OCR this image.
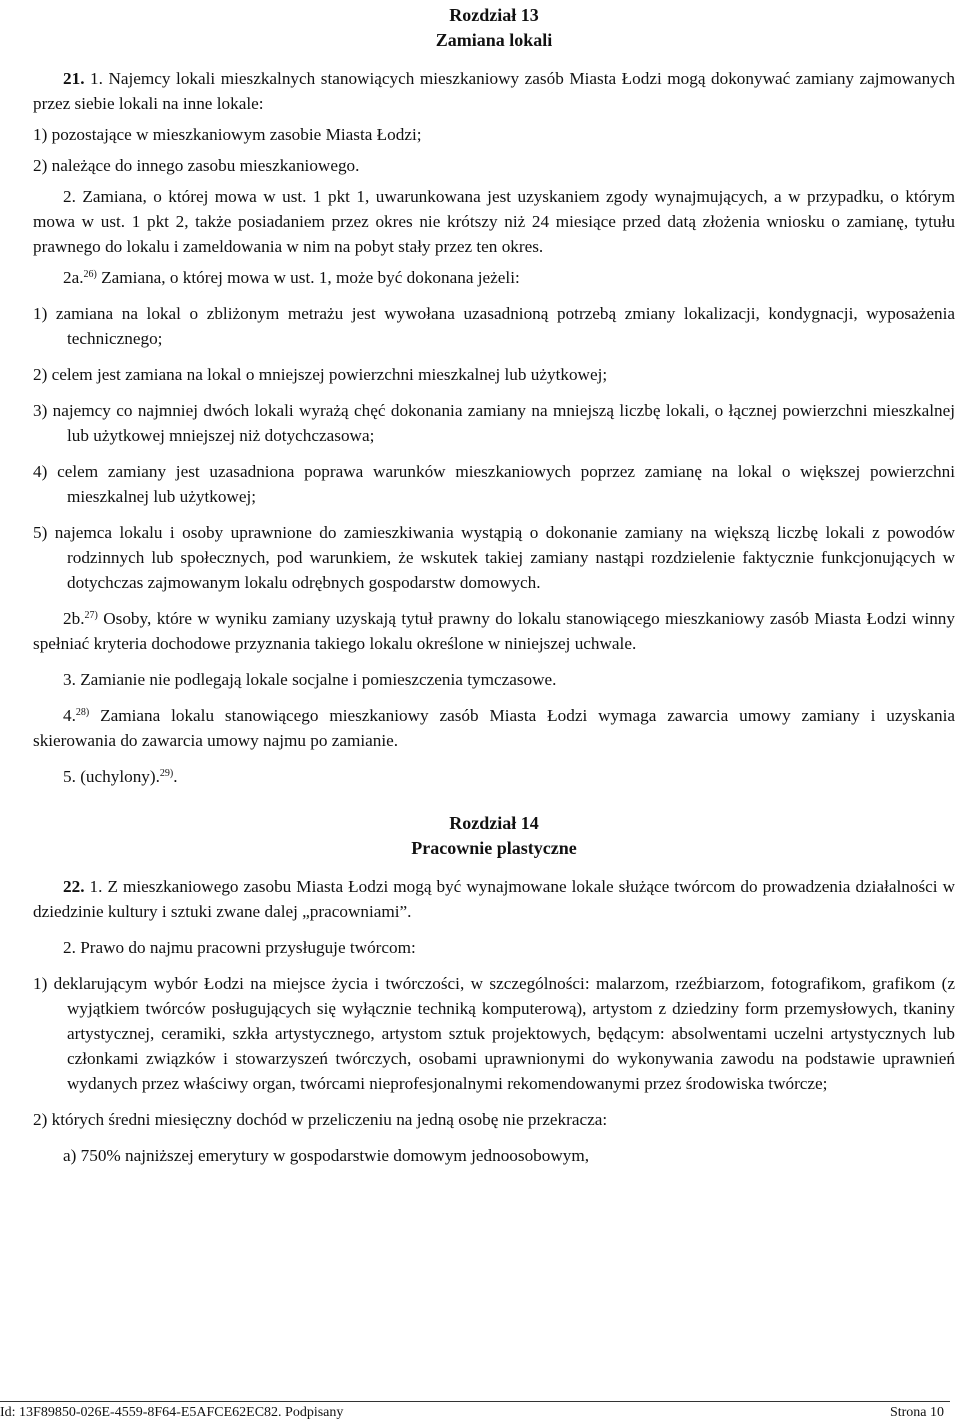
Rozdział 13
Zamiana lokali

21. 1. Najemcy lokali mieszkalnych stanowiących mieszkaniowy zasób Miasta Łodzi mogą dokonywać zamiany zajmowanych przez siebie lokali na inne lokale:

1) pozostające w mieszkaniowym zasobie Miasta Łodzi;

2) należące do innego zasobu mieszkaniowego.

2. Zamiana, o której mowa w ust. 1 pkt 1, uwarunkowana jest uzyskaniem zgody wynajmujących, a w przypadku, o którym mowa w ust. 1 pkt 2, także posiadaniem przez okres nie krótszy niż 24 miesiące przed datą złożenia wniosku o zamianę, tytułu prawnego do lokalu i zameldowania w nim na pobyt stały przez ten okres.

2a.$^{26)}$ Zamiana, o której mowa w ust. 1, może być dokonana jeżeli:

1) zamiana na lokal o zbliżonym metrażu jest wywołana uzasadnioną potrzebą zmiany lokalizacji, kondygnacji, wyposażenia technicznego;

2) celem jest zamiana na lokal o mniejszej powierzchni mieszkalnej lub użytkowej;

3) najemcy co najmniej dwóch lokali wyrażą chęć dokonania zamiany na mniejszą liczbę lokali, o łącznej powierzchni mieszkalnej lub użytkowej mniejszej niż dotychczasowa;

4) celem zamiany jest uzasadniona poprawa warunków mieszkaniowych poprzez zamianę na lokal o większej powierzchni mieszkalnej lub użytkowej;

5) najemca lokalu i osoby uprawnione do zamieszkiwania wystąpią o dokonanie zamiany na większą liczbę lokali z powodów rodzinnych lub społecznych, pod warunkiem, że wskutek takiej zamiany nastąpi rozdzielenie faktycznie funkcjonujących w dotychczas zajmowanym lokalu odrębnych gospodarstw domowych.

2b.$^{27)}$ Osoby, które w wyniku zamiany uzyskają tytuł prawny do lokalu stanowiącego mieszkaniowy zasób Miasta Łodzi winny spełniać kryteria dochodowe przyznania takiego lokalu określone w niniejszej uchwale.

3. Zamianie nie podlegają lokale socjalne i pomieszczenia tymczasowe.

4.$^{28)}$ Zamiana lokalu stanowiącego mieszkaniowy zasób Miasta Łodzi wymaga zawarcia umowy zamiany i uzyskania skierowania do zawarcia umowy najmu po zamianie.

5. (uchylony).$^{29)}$.

Rozdział 14
Pracownie plastyczne

22. 1. Z mieszkaniowego zasobu Miasta Łodzi mogą być wynajmowane lokale służące twórcom do prowadzenia działalności w dziedzinie kultury i sztuki zwane dalej „pracowniami”.

2. Prawo do najmu pracowni przysługuje twórcom:

1) deklarującym wybór Łodzi na miejsce życia i twórczości, w szczególności: malarzom, rzeźbiarzom, fotografikom, grafikom (z wyjątkiem twórców posługujących się wyłącznie techniką komputerową), artystom z dziedziny form przemysłowych, tkaniny artystycznej, ceramiki, szkła artystycznego, artystom sztuk projektowych, będącym: absolwentami uczelni artystycznych lub członkami związków i stowarzyszeń twórczych, osobami uprawnionymi do wykonywania zawodu na podstawie uprawnień wydanych przez właściwy organ, twórcami nieprofesjonalnymi rekomendowanymi przez środowiska twórcze;

2) których średni miesięczny dochód w przeliczeniu na jedną osobę nie przekracza:

a) 750% najniższej emerytury w gospodarstwie domowym jednoosobowym,

Id: 13F89850-026E-4559-8F64-E5AFCE62EC82. Podpisany	Strona 10
